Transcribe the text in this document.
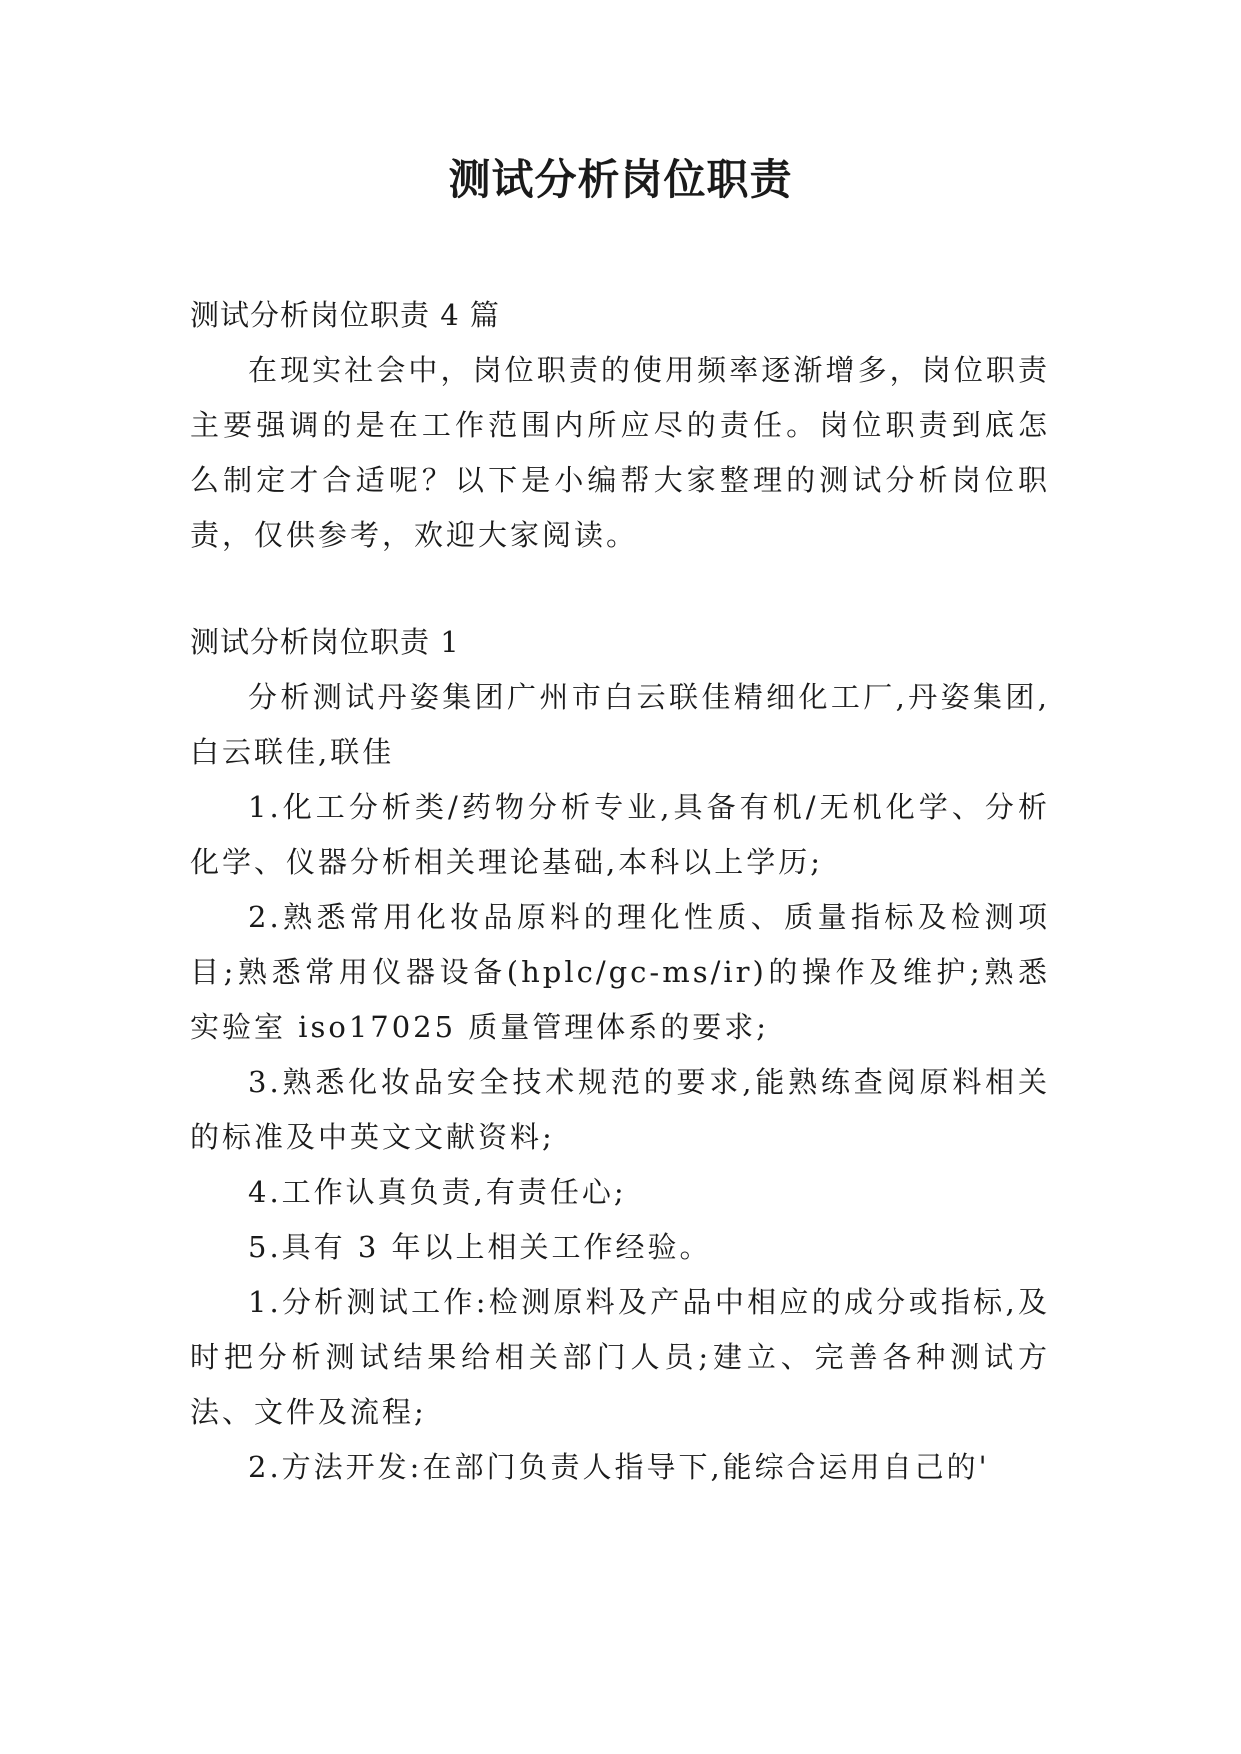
测试分析岗位职责

测试分析岗位职责 4 篇

在现实社会中，岗位职责的使用频率逐渐增多，岗位职责主要强调的是在工作范围内所应尽的责任。岗位职责到底怎么制定才合适呢？以下是小编帮大家整理的测试分析岗位职责，仅供参考，欢迎大家阅读。

测试分析岗位职责 1

分析测试丹姿集团广州市白云联佳精细化工厂,丹姿集团,白云联佳,联佳

1.化工分析类/药物分析专业,具备有机/无机化学、分析化学、仪器分析相关理论基础,本科以上学历;

2.熟悉常用化妆品原料的理化性质、质量指标及检测项目;熟悉常用仪器设备(hplc/gc-ms/ir)的操作及维护;熟悉实验室 iso17025 质量管理体系的要求;

3.熟悉化妆品安全技术规范的要求,能熟练查阅原料相关的标准及中英文文献资料;

4.工作认真负责,有责任心;

5.具有 3 年以上相关工作经验。

1.分析测试工作:检测原料及产品中相应的成分或指标,及时把分析测试结果给相关部门人员;建立、完善各种测试方法、文件及流程;

2.方法开发:在部门负责人指导下,能综合运用自己的'
